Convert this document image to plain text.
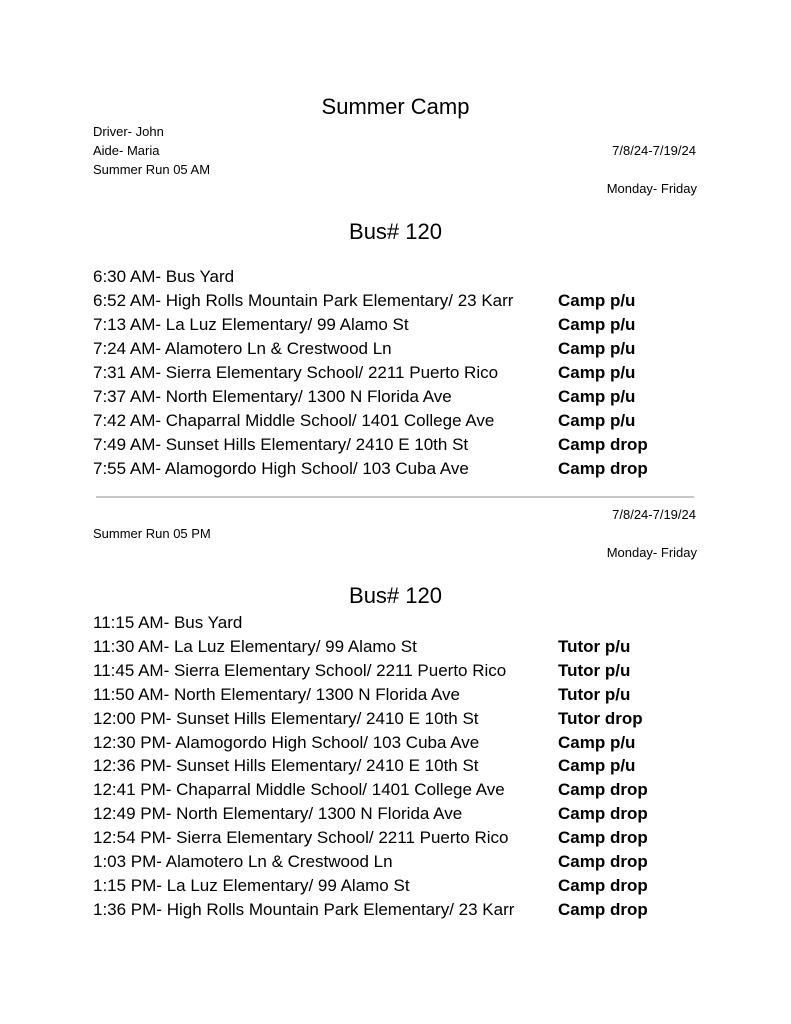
Summer Camp
Driver- John
Aide- Maria	7/8/24-7/19/24
Summer Run 05 AM
Monday- Friday
Bus# 120
6:30 AM- Bus Yard
6:52 AM- High Rolls Mountain Park Elementary/ 23 Karr	Camp p/u
7:13 AM- La Luz Elementary/ 99 Alamo St	Camp p/u
7:24 AM- Alamotero Ln & Crestwood Ln	Camp p/u
7:31 AM- Sierra Elementary School/ 2211 Puerto Rico	Camp p/u
7:37 AM- North Elementary/ 1300 N Florida Ave	Camp p/u
7:42 AM- Chaparral Middle School/ 1401 College Ave	Camp p/u
7:49 AM- Sunset Hills Elementary/ 2410 E 10th St	Camp drop
7:55 AM- Alamogordo High School/ 103 Cuba Ave	Camp drop
7/8/24-7/19/24
Summer Run 05 PM
Monday- Friday
Bus# 120
11:15 AM- Bus Yard
11:30 AM- La Luz Elementary/ 99 Alamo St	Tutor p/u
11:45 AM- Sierra Elementary School/ 2211 Puerto Rico	Tutor p/u
11:50 AM- North Elementary/ 1300 N Florida Ave	Tutor p/u
12:00 PM- Sunset Hills Elementary/ 2410 E 10th St	Tutor drop
12:30 PM- Alamogordo High School/ 103 Cuba Ave	Camp p/u
12:36 PM- Sunset Hills Elementary/ 2410 E 10th St	Camp p/u
12:41 PM- Chaparral Middle School/ 1401 College Ave	Camp drop
12:49 PM- North Elementary/ 1300 N Florida Ave	Camp drop
12:54 PM- Sierra Elementary School/ 2211 Puerto Rico	Camp drop
1:03 PM- Alamotero Ln & Crestwood Ln	Camp drop
1:15 PM- La Luz Elementary/ 99 Alamo St	Camp drop
1:36 PM- High Rolls Mountain Park Elementary/ 23 Karr	Camp drop
